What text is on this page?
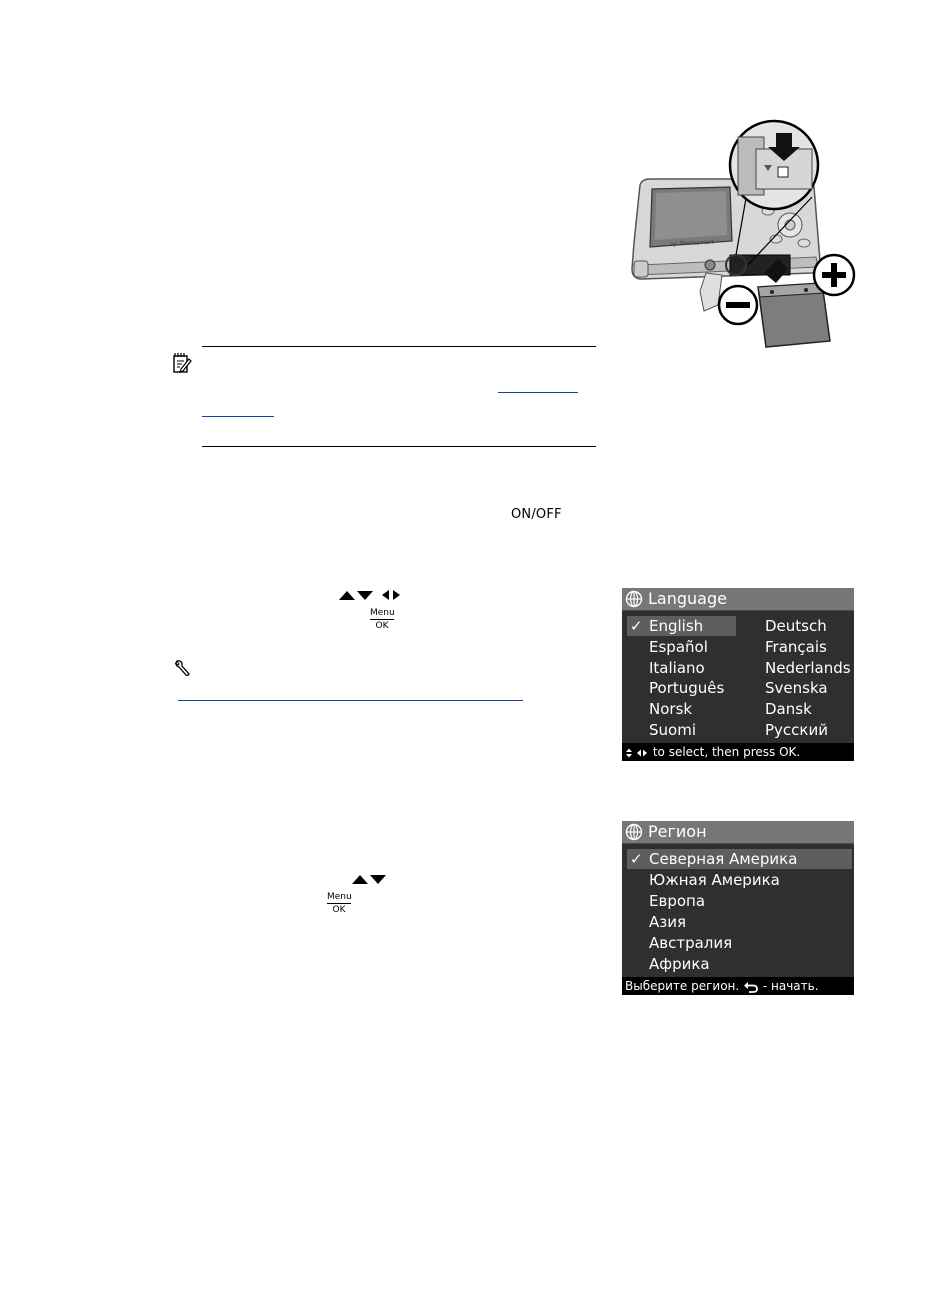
hp Photosmart
ON/OFF
Menu
OK
Language
✓ English
Español
Italiano
Português
Norsk
Suomi
Deutsch
Français
Nederlands
Svenska
Dansk
Русский
to select, then press OK.
Menu
OK
Регион
✓ Северная Америка
Южная Америка
Европа
Азия
Австралия
Африка
Выберите регион. - начать.
